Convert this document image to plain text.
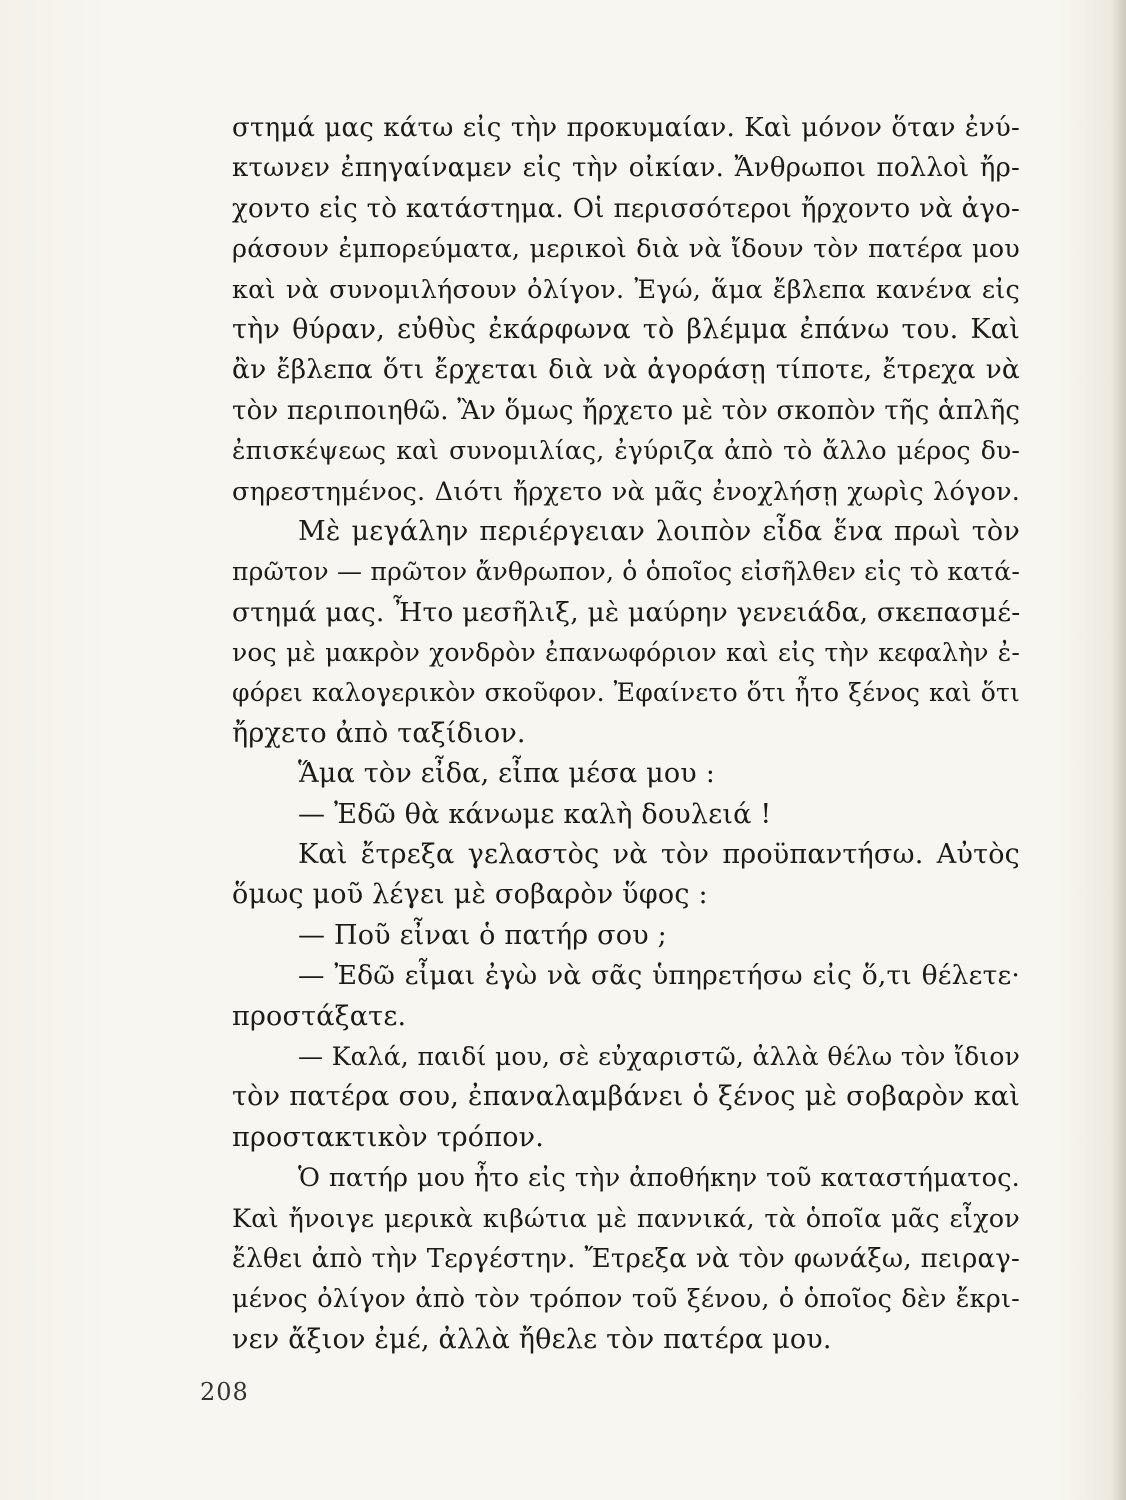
στημά μας κάτω εἰς τὴν προκυμαίαν. Καὶ μόνον ὅταν ἐνύ-
κτωνεν ἐπηγαίναμεν εἰς τὴν οἰκίαν. Ἄνθρωποι πολλοὶ ἤρ-
χοντο εἰς τὸ κατάστημα. Οἱ περισσότεροι ἤρχοντο νὰ ἀγο-
ράσουν ἐμπορεύματα, μερικοὶ διὰ νὰ ἴδουν τὸν πατέρα μου
καὶ νὰ συνομιλήσουν ὀλίγον. Ἐγώ, ἅμα ἔβλεπα κανένα εἰς
τὴν θύραν, εὐθὺς ἐκάρφωνα τὸ βλέμμα ἐπάνω του. Καὶ
ἂν ἔβλεπα ὅτι ἔρχεται διὰ νὰ ἀγοράσῃ τίποτε, ἔτρεχα νὰ
τὸν περιποιηθῶ. Ἂν ὅμως ἤρχετο μὲ τὸν σκοπὸν τῆς ἁπλῆς
ἐπισκέψεως καὶ συνομιλίας, ἐγύριζα ἀπὸ τὸ ἄλλο μέρος δυ-
σηρεστημένος. Διότι ἤρχετο νὰ μᾶς ἐνοχλήσῃ χωρὶς λόγον.
Μὲ μεγάλην περιέργειαν λοιπὸν εἶδα ἕνα πρωὶ τὸν
πρῶτον — πρῶτον ἄνθρωπον, ὁ ὁποῖος εἰσῆλθεν εἰς τὸ κατά-
στημά μας. Ἦτο μεσῆλιξ, μὲ μαύρην γενειάδα, σκεπασμέ-
νος μὲ μακρὸν χονδρὸν ἐπανωφόριον καὶ εἰς τὴν κεφαλὴν ἐ-
φόρει καλογερικὸν σκοῦφον. Ἐφαίνετο ὅτι ἦτο ξένος καὶ ὅτι
ἤρχετο ἀπὸ ταξίδιον.
Ἅμα τὸν εἶδα, εἶπα μέσα μου :
— Ἐδῶ θὰ κάνωμε καλὴ δουλειά !
Καὶ ἔτρεξα γελαστὸς νὰ τὸν προϋπαντήσω. Αὐτὸς
ὅμως μοῦ λέγει μὲ σοβαρὸν ὕφος :
— Ποῦ εἶναι ὁ πατήρ σου ;
— Ἐδῶ εἶμαι ἐγὼ νὰ σᾶς ὑπηρετήσω εἰς ὅ,τι θέλετε·
προστάξατε.
— Καλά, παιδί μου, σὲ εὐχαριστῶ, ἀλλὰ θέλω τὸν ἴδιον
τὸν πατέρα σου, ἐπαναλαμβάνει ὁ ξένος μὲ σοβαρὸν καὶ
προστακτικὸν τρόπον.
Ὁ πατήρ μου ἦτο εἰς τὴν ἀποθήκην τοῦ καταστήματος.
Καὶ ἤνοιγε μερικὰ κιβώτια μὲ παννικά, τὰ ὁποῖα μᾶς εἶχον
ἔλθει ἀπὸ τὴν Τεργέστην. Ἔτρεξα νὰ τὸν φωνάξω, πειραγ-
μένος ὀλίγον ἀπὸ τὸν τρόπον τοῦ ξένου, ὁ ὁποῖος δὲν ἔκρι-
νεν ἄξιον ἐμέ, ἀλλὰ ἤθελε τὸν πατέρα μου.
208
